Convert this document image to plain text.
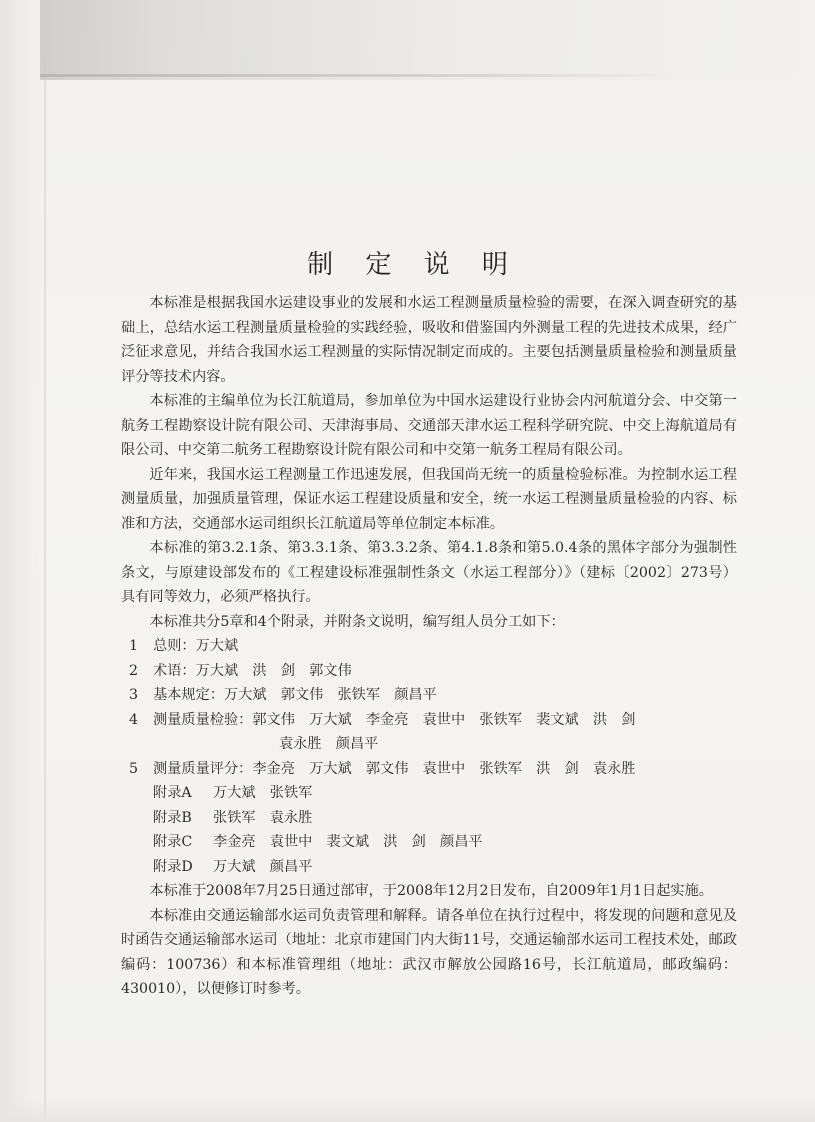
制 定 说 明

本标准是根据我国水运建设事业的发展和水运工程测量质量检验的需要，在深入调查研究的基础上，总结水运工程测量质量检验的实践经验，吸收和借鉴国内外测量工程的先进技术成果，经广泛征求意见，并结合我国水运工程测量的实际情况制定而成的。主要包括测量质量检验和测量质量评分等技术内容。

本标准的主编单位为长江航道局，参加单位为中国水运建设行业协会内河航道分会、中交第一航务工程勘察设计院有限公司、天津海事局、交通部天津水运工程科学研究院、中交上海航道局有限公司、中交第二航务工程勘察设计院有限公司和中交第一航务工程局有限公司。

近年来，我国水运工程测量工作迅速发展，但我国尚无统一的质量检验标准。为控制水运工程测量质量，加强质量管理，保证水运工程建设质量和安全，统一水运工程测量质量检验的内容、标准和方法，交通部水运司组织长江航道局等单位制定本标准。

本标准的第3.2.1条、第3.3.1条、第3.3.2条、第4.1.8条和第5.0.4条的黑体字部分为强制性条文，与原建设部发布的《工程建设标准强制性条文（水运工程部分）》（建标〔2002〕273号）具有同等效力，必须严格执行。

本标准共分5章和4个附录，并附条文说明，编写组人员分工如下：

1 总则：万大斌
2 术语：万大斌　洪　剑　郭文伟
3 基本规定：万大斌　郭文伟　张铁军　颜昌平
4 测量质量检验：郭文伟　万大斌　李金亮　袁世中　张铁军　裴文斌　洪　剑
袁永胜　颜昌平
5 测量质量评分：李金亮　万大斌　郭文伟　袁世中　张铁军　洪　剑　袁永胜
附录A 万大斌　张铁军
附录B 张铁军　袁永胜
附录C 李金亮　袁世中　裴文斌　洪　剑　颜昌平
附录D 万大斌　颜昌平

本标准于2008年7月25日通过部审，于2008年12月2日发布，自2009年1月1日起实施。

本标准由交通运输部水运司负责管理和解释。请各单位在执行过程中，将发现的问题和意见及时函告交通运输部水运司（地址：北京市建国门内大街11号，交通运输部水运司工程技术处，邮政编码：100736）和本标准管理组（地址：武汉市解放公园路16号，长江航道局，邮政编码：430010），以便修订时参考。
